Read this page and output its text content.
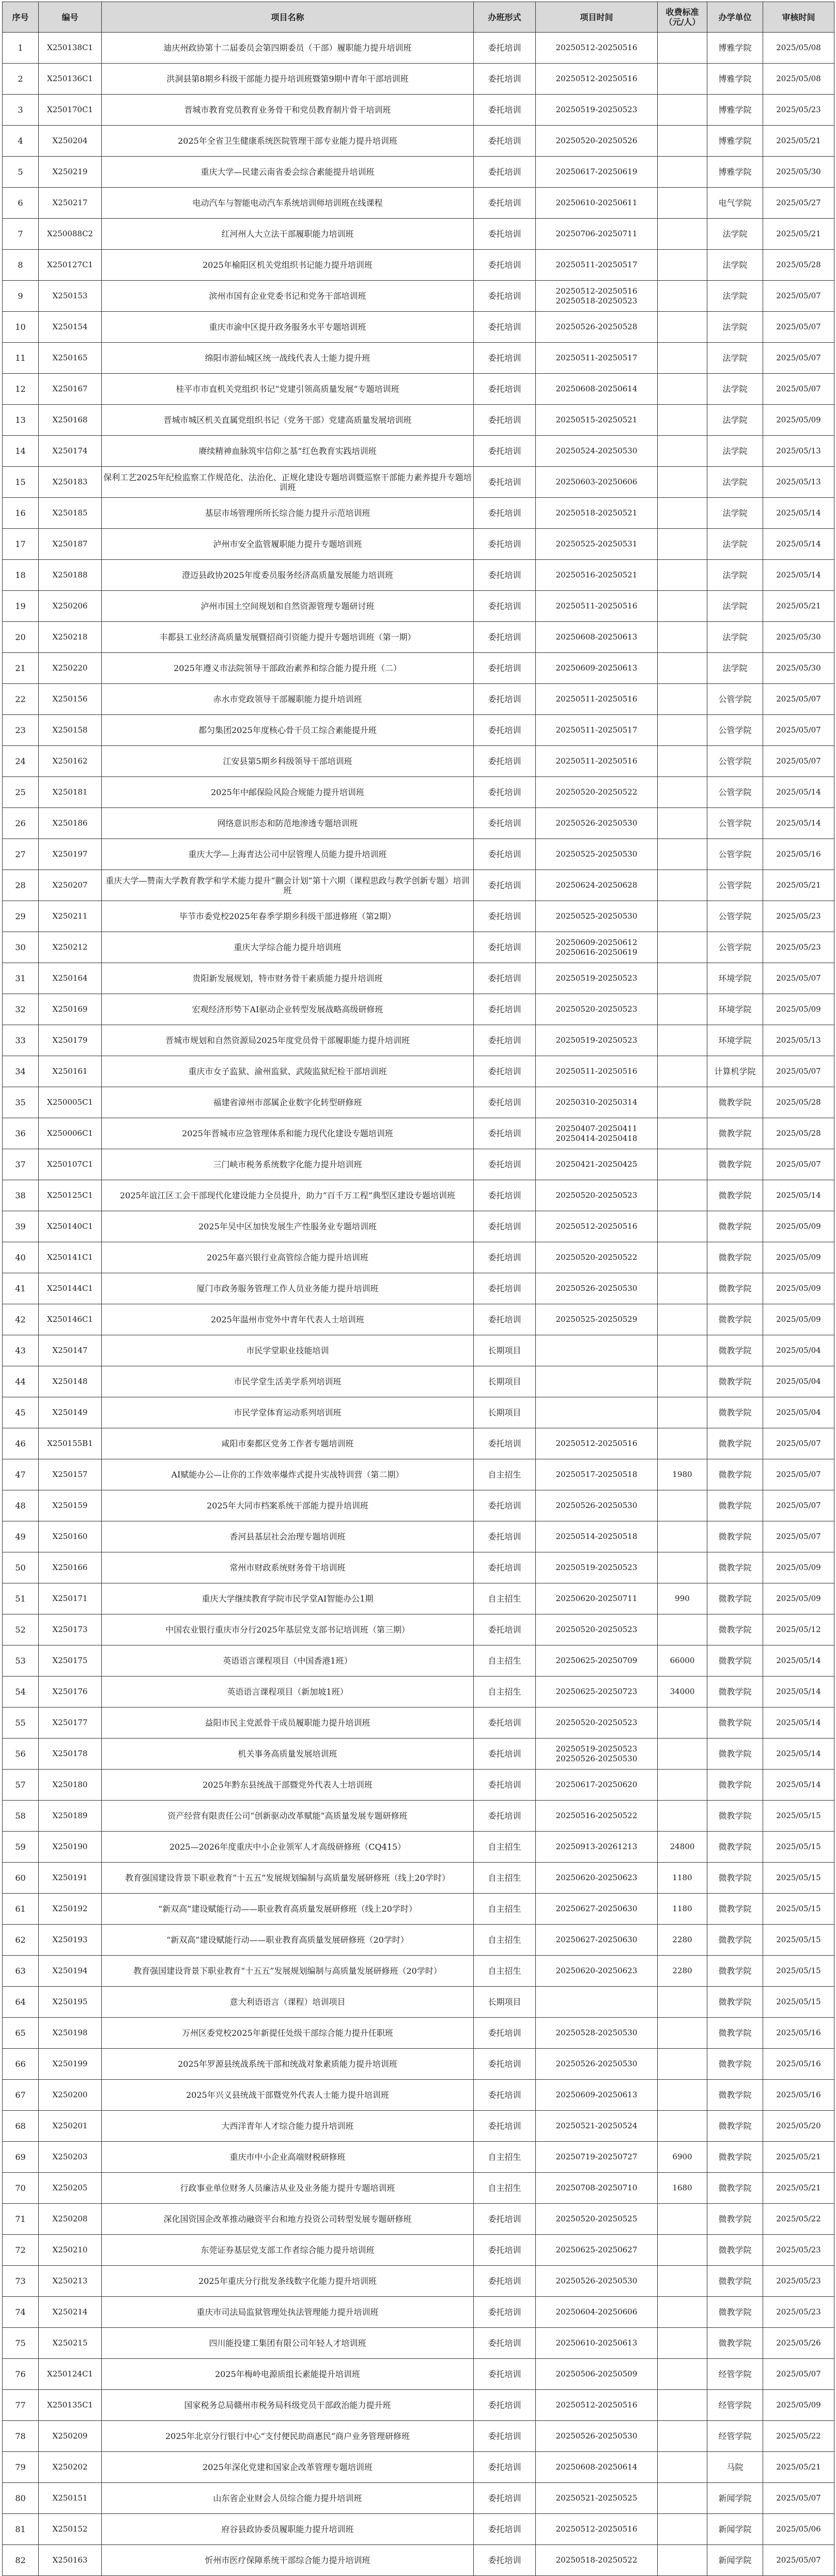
序号	编号	项目名称	办班形式	项目时间	收费标准（元/人）	办学单位	审核时间
1	X250138C1	迪庆州政协第十二届委员会第四期委员（干部）履职能力提升培训班	委托培训	20250512-20250516		博雅学院	2025/05/08
2	X250136C1	洪洞县第8期乡科级干部能力提升培训班暨第9期中青年干部培训班	委托培训	20250512-20250516		博雅学院	2025/05/08
3	X250170C1	晋城市教育党员教育业务骨干和党员教育制片骨干培训班	委托培训	20250519-20250523		博雅学院	2025/05/23
4	X250204	2025年全省卫生健康系统医院管理干部专业能力提升培训班	委托培训	20250520-20250526		博雅学院	2025/05/21
5	X250219	重庆大学—民建云南省委会综合素能提升培训班	委托培训	20250617-20250619		博雅学院	2025/05/30
6	X250217	电动汽车与智能电动汽车系统培训师培训班在线课程	委托培训	20250610-20250611		电气学院	2025/05/27
7	X250088C2	红河州人大立法干部履职能力培训班	委托培训	20250706-20250711		法学院	2025/05/21
8	X250127C1	2025年榆阳区机关党组织书记能力提升培训班	委托培训	20250511-20250517		法学院	2025/05/28
9	X250153	滨州市国有企业党委书记和党务干部培训班	委托培训	20250512-20250516
20250518-20250523		法学院	2025/05/07
10	X250154	重庆市渝中区提升政务服务水平专题培训班	委托培训	20250526-20250528		法学院	2025/05/07
11	X250165	绵阳市游仙城区统一战线代表人士能力提升班	委托培训	20250511-20250517		法学院	2025/05/07
12	X250167	桂平市市直机关党组织书记“党建引领高质量发展”专题培训班	委托培训	20250608-20250614		法学院	2025/05/07
13	X250168	晋城市城区机关直属党组织书记（党务干部）党建高质量发展培训班	委托培训	20250515-20250521		法学院	2025/05/09
14	X250174	赓续精神血脉筑牢信仰之基”红色教育实践培训班	委托培训	20250524-20250530		法学院	2025/05/13
15	X250183	保利工艺2025年纪检监察工作规范化、法治化、正规化建设专题培训暨巡察干部能力素养提升专题培训班	委托培训	20250603-20250606		法学院	2025/05/13
16	X250185	基层市场管理所所长综合能力提升示范培训班	委托培训	20250518-20250521		法学院	2025/05/14
17	X250187	泸州市安全监管履职能力提升专题培训班	委托培训	20250525-20250531		法学院	2025/05/14
18	X250188	澄迈县政协2025年度委员服务经济高质量发展能力培训班	委托培训	20250516-20250521		法学院	2025/05/14
19	X250206	泸州市国土空间规划和自然资源管理专题研讨班	委托培训	20250511-20250516		法学院	2025/05/21
20	X250218	丰都县工业经济高质量发展暨招商引资能力提升专题培训班（第一期）	委托培训	20250608-20250613		法学院	2025/05/30
21	X250220	2025年遵义市法院领导干部政治素养和综合能力提升班（二）	委托培训	20250609-20250613		法学院	2025/05/30
22	X250156	赤水市党政领导干部履职能力提升培训班	委托培训	20250511-20250516		公管学院	2025/05/07
23	X250158	都匀集团2025年度核心骨干员工综合素能提升班	委托培训	20250511-20250517		公管学院	2025/05/07
24	X250162	江安县第5期乡科级领导干部培训班	委托培训	20250511-20250516		公管学院	2025/05/07
25	X250181	2025年中邮保险风险合规能力提升培训班	委托培训	20250520-20250522		公管学院	2025/05/14
26	X250186	网络意识形态和防范地渗透专题培训班	委托培训	20250526-20250530		公管学院	2025/05/14
27	X250197	重庆大学—上海青达公司中层管理人员能力提升培训班	委托培训	20250525-20250530		公管学院	2025/05/16
28	X250207	重庆大学—赞南大学教育教学和学术能力提升“蒯会计划”第十六期（课程思政与教学创新专题）培训班	委托培训	20250624-20250628		公管学院	2025/05/21
29	X250211	毕节市委党校2025年春季学期乡科级干部进修班（第2期）	委托培训	20250525-20250530		公管学院	2025/05/23
30	X250212	重庆大学综合能力提升培训班	委托培训	20250609-20250612
20250616-20250619		公管学院	2025/05/23
31	X250164	贵阳新发展规划，特市财务骨干素质能力提升培训班	委托培训	20250519-20250523		环境学院	2025/05/07
32	X250169	宏观经济形势下AI驱动企业转型发展战略高级研修班	委托培训	20250520-20250523		环境学院	2025/05/09
33	X250179	晋城市规划和自然资源局2025年度党员骨干部履职能力提升培训班	委托培训	20250519-20250523		环境学院	2025/05/13
34	X250161	重庆市女子监狱、渝州监狱、武陵监狱纪检干部培训班	委托培训	20250511-20250516		计算机学院	2025/05/07
35	X250005C1	福建省漳州市部属企业数字化转型研修班	委托培训	20250310-20250314		微教学院	2025/05/28
36	X250006C1	2025年晋城市应急管理体系和能力现代化建设专题培训班	委托培训	20250407-20250411
20250414-20250418		微教学院	2025/05/28
37	X250107C1	三门峡市税务系统数字化能力提升培训班	委托培训	20250421-20250425		微教学院	2025/05/07
38	X250125C1	2025年谊江区工会干部现代化建设能力全员提升，助力“百千万工程”典型区建设专题培训班	委托培训	20250520-20250523		微教学院	2025/05/14
39	X250140C1	2025年吴中区加快发展生产性服务业专题培训班	委托培训	20250512-20250516		微教学院	2025/05/09
40	X250141C1	2025年嘉兴银行业高管综合能力提升培训班	委托培训	20250520-20250522		微教学院	2025/05/09
41	X250144C1	厦门市政务服务管理工作人员业务能力提升培训班	委托培训	20250526-20250530		微教学院	2025/05/09
42	X250146C1	2025年温州市党外中青年代表人士培训班	委托培训	20250525-20250529		微教学院	2025/05/09
43	X250147	市民学堂职业技能培训	长期项目			微教学院	2025/05/04
44	X250148	市民学堂生活美学系列培训班	长期项目			微教学院	2025/05/04
45	X250149	市民学堂体育运动系列培训班	长期项目			微教学院	2025/05/04
46	X250155B1	咸阳市秦都区党务工作者专题培训班	委托培训	20250512-20250516		微教学院	2025/05/07
47	X250157	AI赋能办公—让你的工作效率爆炸式提升实战特训营（第二期）	自主招生	20250517-20250518	1980	微教学院	2025/05/07
48	X250159	2025年大同市档案系统干部能力提升培训班	委托培训	20250526-20250530		微教学院	2025/05/07
49	X250160	香河县基层社会治理专题培训班	委托培训	20250514-20250518		微教学院	2025/05/07
50	X250166	常州市财政系统财务骨干培训班	委托培训	20250519-20250523		微教学院	2025/05/09
51	X250171	重庆大学继续教育学院市民学堂AI智能办公1期	自主招生	20250620-20250711	990	微教学院	2025/05/09
52	X250173	中国农业银行重庆市分行2025年基层党支部书记培训班（第三期）	委托培训	20250520-20250523		微教学院	2025/05/12
53	X250175	英语语言课程项目（中国香港1班）	自主招生	20250625-20250709	66000	微教学院	2025/05/14
54	X250176	英语语言课程项目（新加坡1班）	自主招生	20250625-20250723	34000	微教学院	2025/05/14
55	X250177	益阳市民主党派骨干成员履职能力提升培训班	委托培训	20250520-20250523		微教学院	2025/05/14
56	X250178	机关事务高质量发展培训班	委托培训	20250519-20250523
20250526-20250530		微教学院	2025/05/14
57	X250180	2025年黔东县统战干部暨党外代表人士培训班	委托培训	20250617-20250620		微教学院	2025/05/14
58	X250189	资产经营有限责任公司“创新驱动改革赋能”高质量发展专题研修班	委托培训	20250516-20250522		微教学院	2025/05/15
59	X250190	2025—2026年度重庆中小企业领军人才高级研修班（CQ415）	自主招生	20250913-20261213	24800	微教学院	2025/05/15
60	X250191	教育强国建设背景下职业教育“十五五”发展规划编制与高质量发展研修班（线上20学时）	自主招生	20250620-20250623	1180	微教学院	2025/05/15
61	X250192	“新双高”建设赋能行动——职业教育高质量发展研修班（线上20学时）	自主招生	20250627-20250630	1180	微教学院	2025/05/15
62	X250193	“新双高”建设赋能行动——职业教育高质量发展研修班（20学时）	自主招生	20250627-20250630	2280	微教学院	2025/05/15
63	X250194	教育强国建设背景下职业教育“十五五”发展规划编制与高质量发展研修班（20学时）	自主招生	20250620-20250623	2280	微教学院	2025/05/15
64	X250195	意大利语语言（课程）培训项目	长期项目			微教学院	2025/05/15
65	X250198	万州区委党校2025年新提任处级干部综合能力提升任职班	委托培训	20250528-20250530		微教学院	2025/05/16
66	X250199	2025年罗源县统战系统干部和统战对象素质能力提升培训班	委托培训	20250526-20250530		微教学院	2025/05/16
67	X250200	2025年兴义县统战干部暨党外代表人士能力提升培训班	委托培训	20250609-20250613		微教学院	2025/05/16
68	X250201	大西洋青年人才综合能力提升培训班	委托培训	20250521-20250524		微教学院	2025/05/20
69	X250203	重庆市中小企业高端财税研修班	自主招生	20250719-20250727	6900	微教学院	2025/05/21
70	X250205	行政事业单位财务人员廉洁从业及业务能力提升专题培训班	自主招生	20250708-20250710	1680	微教学院	2025/05/21
71	X250208	深化国资国企改革推动融资平台和地方投资公司转型发展专题研修班	委托培训	20250520-20250525		微教学院	2025/05/22
72	X250210	东莞证券基层党支部工作者综合能力提升培训班	委托培训	20250625-20250627		微教学院	2025/05/23
73	X250213	2025年重庆分行批发条线数字化能力提升培训班	委托培训	20250526-20250530		微教学院	2025/05/23
74	X250214	重庆市司法局监狱管理处执法管理能力提升培训班	委托培训	20250604-20250606		微教学院	2025/05/23
75	X250215	四川能投建工集团有限公司年轻人才培训班	委托培训	20250610-20250613		微教学院	2025/05/26
76	X250124C1	2025年梅岭电源质组长素能提升培训班	委托培训	20250506-20250509		经管学院	2025/05/07
77	X250135C1	国家税务总局赣州市税务局科级党员干部政治能力提升班	委托培训	20250512-20250516		经管学院	2025/05/09
78	X250209	2025年北京分行银行中心“支付便民助商惠民”商户业务管理研修班	委托培训	20250526-20250530		经管学院	2025/05/22
79	X250202	2025年深化党建和国家企改革管理专题培训班	委托培训	20250608-20250614		马院	2025/05/21
80	X250151	山东省企业财会人员综合能力提升培训班	委托培训	20250521-20250525		新闻学院	2025/05/07
81	X250152	府谷县政协委员履职能力提升培训班	委托培训	20250512-20250516		新闻学院	2025/05/06
82	X250163	忻州市医疗保障系统干部综合能力提升培训班	委托培训	20250518-20250522		新闻学院	2025/05/07
